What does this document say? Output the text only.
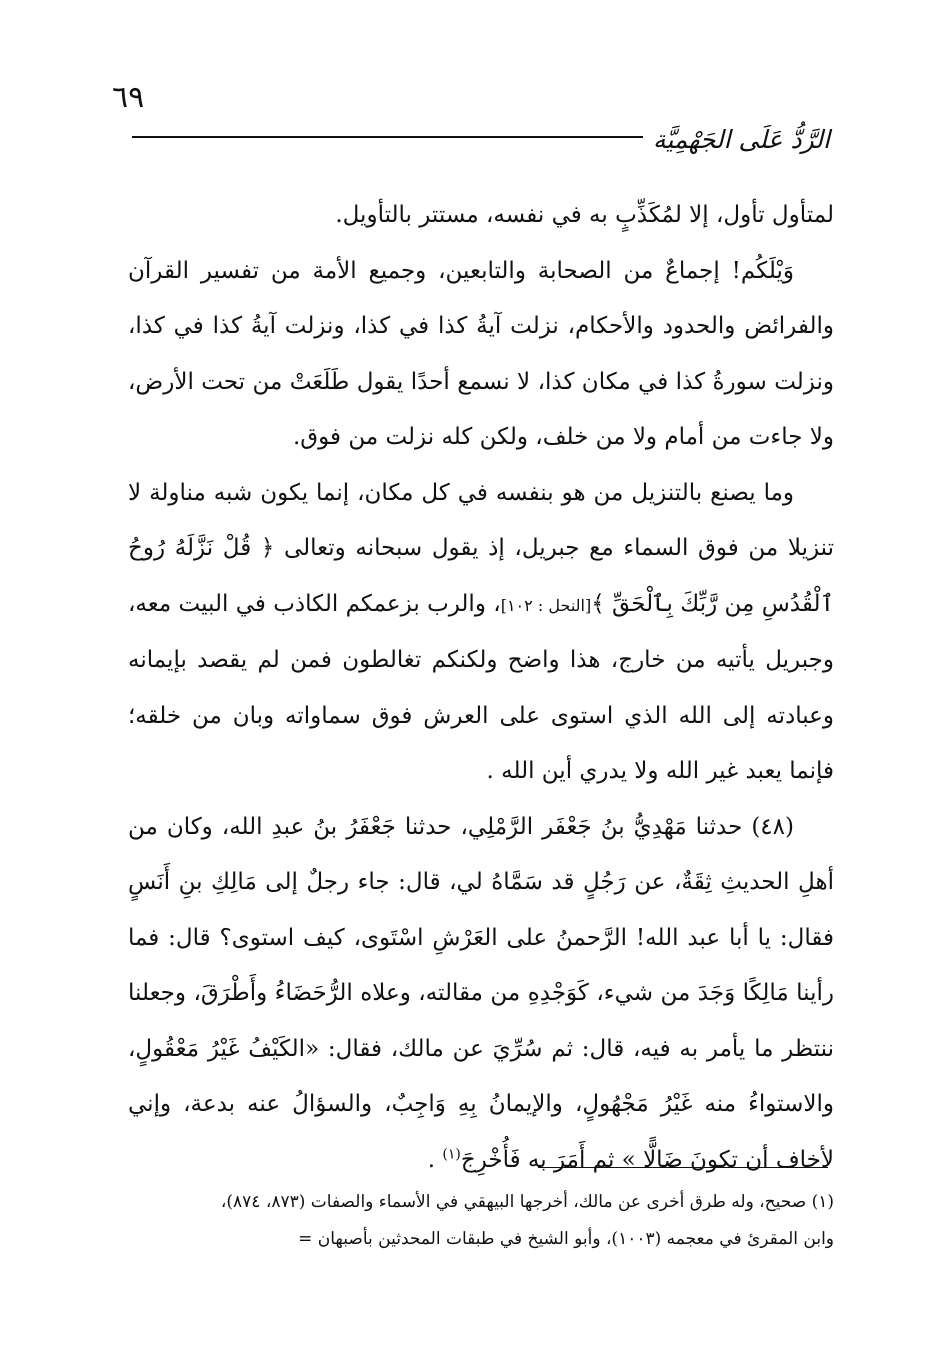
٦٩
الرَّدُّ عَلَى الجَهْمِيَّة

لمتأول تأول، إلا لمُكَذِّبٍ به في نفسه، مستتر بالتأويل.

وَيْلَكُم! إجماعٌ من الصحابة والتابعين، وجميع الأمة من تفسير القرآن والفرائض والحدود والأحكام، نزلت آيةُ كذا في كذا، ونزلت آيةُ كذا في كذا، ونزلت سورةُ كذا في مكان كذا، لا نسمع أحدًا يقول طَلَعَتْ من تحت الأرض، ولا جاءت من أمام ولا من خلف، ولكن كله نزلت من فوق.

وما يصنع بالتنزيل من هو بنفسه في كل مكان، إنما يكون شبه مناولة لا تنزيلا من فوق السماء مع جبريل، إذ يقول سبحانه وتعالى ﴿ قُلْ نَزَّلَهُ رُوحُ ٱلْقُدُسِ مِن رَّبِّكَ بِٱلْحَقِّ ﴾[النحل : ١٠٢]، والرب بزعمكم الكاذب في البيت معه، وجبريل يأتيه من خارج، هذا واضح ولكنكم تغالطون فمن لم يقصد بإيمانه وعبادته إلى الله الذي استوى على العرش فوق سماواته وبان من خلقه؛ فإنما يعبد غير الله ولا يدري أين الله .

(٤٨) حدثنا مَهْدِيُّ بنُ جَعْفَر الرَّمْلِي، حدثنا جَعْفَرُ بنُ عبدِ الله، وكان من أهلِ الحديثِ ثِقَةٌ، عن رَجُلٍ قد سَمَّاهُ لي، قال: جاء رجلٌ إلى مَالِكِ بنِ أَنَسٍ فقال: يا أبا عبد الله! الرَّحمنُ على العَرْشِ اسْتَوى، كيف استوى؟ قال: فما رأينا مَالِكًا وَجَدَ من شيء، كَوَجْدِهِ من مقالته، وعلاه الرُّحَضَاءُ وأَطْرَقَ، وجعلنا ننتظر ما يأمر به فيه، قال: ثم سُرِّيَ عن مالك، فقال: «الكَيْفُ غَيْرُ مَعْقُولٍ، والاستواءُ منه غَيْرُ مَجْهُولٍ، والإيمانُ بِهِ وَاجِبٌ، والسؤالُ عنه بدعة، وإني لأخاف أن تكونَ ضَالًّا » ثم أَمَرَ به فَأُخْرِجَ$^{(١)}$ .

(١) صحيح، وله طرق أخرى عن مالك، أخرجها البيهقي في الأسماء والصفات (٨٧٣، ٨٧٤)،

وابن المقرئ في معجمه (١٠٠٣)، وأبو الشيخ في طبقات المحدثين بأصبهان =
